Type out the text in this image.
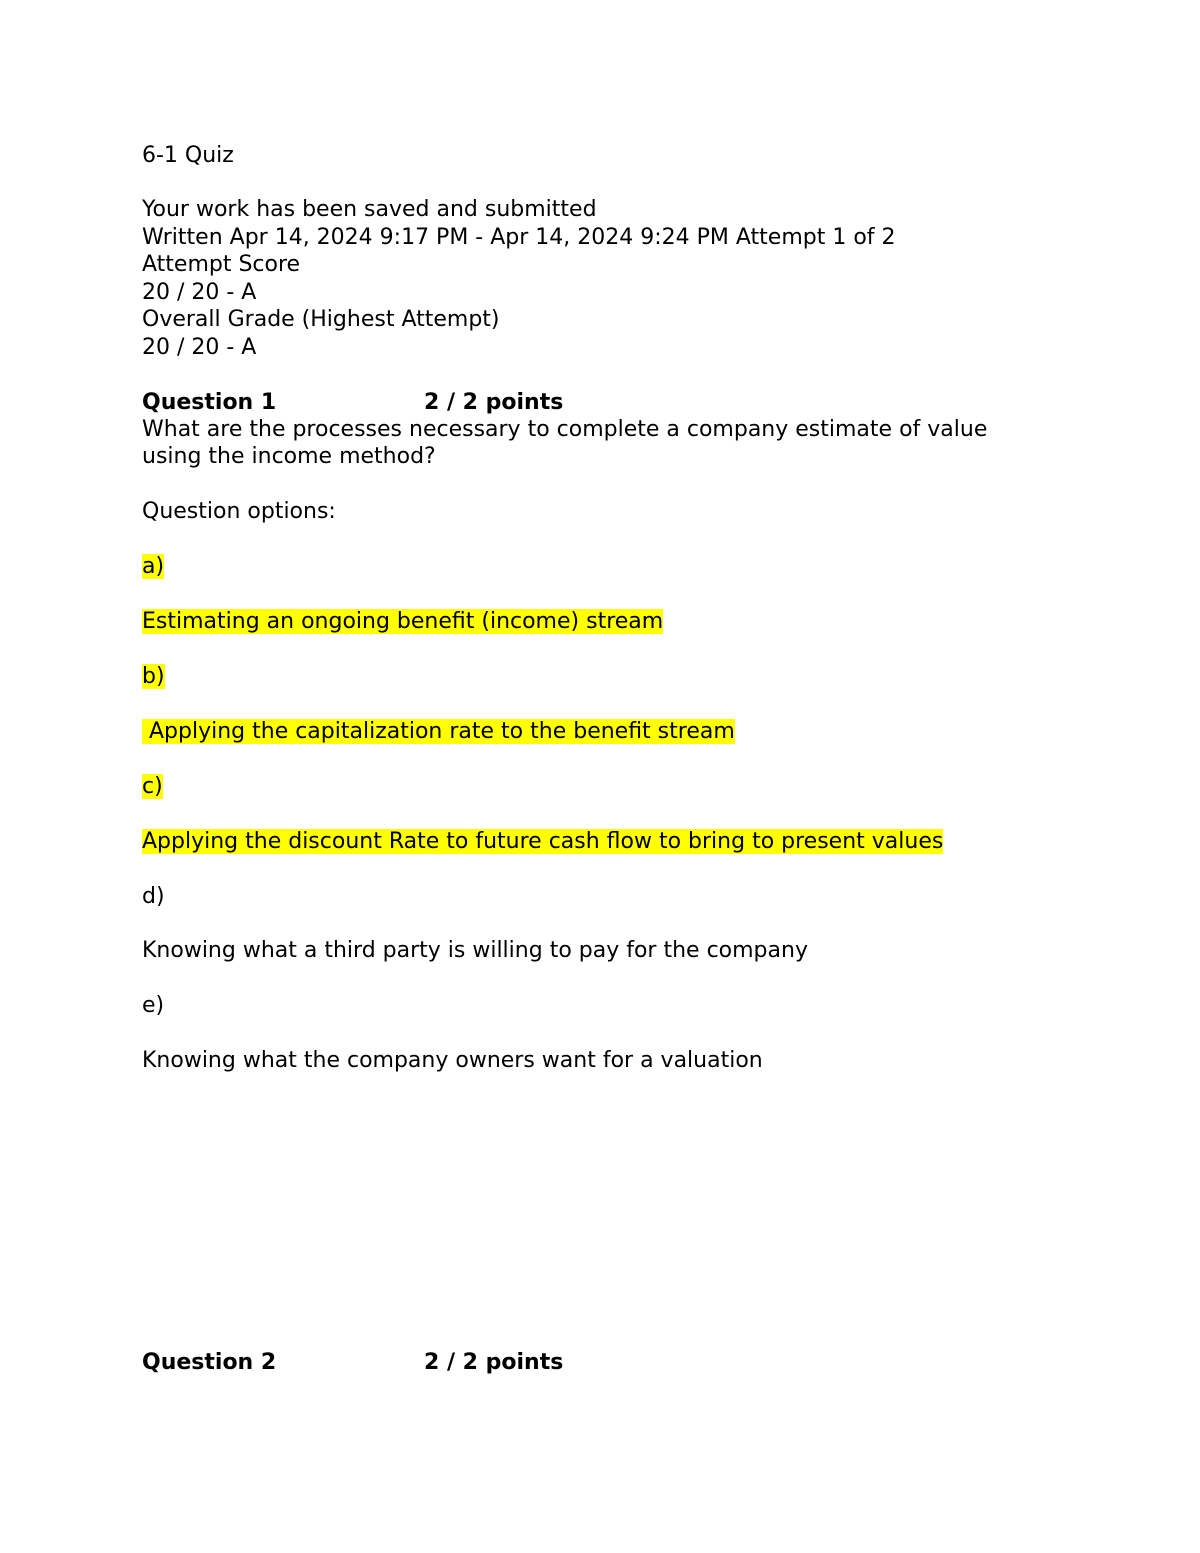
6-1 Quiz
Your work has been saved and submitted
Written Apr 14, 2024 9:17 PM - Apr 14, 2024 9:24 PM Attempt 1 of 2
Attempt Score
20 / 20 - A
Overall Grade (Highest Attempt)
20 / 20 - A
Question 1	2 / 2 points
What are the processes necessary to complete a company estimate of value
using the income method?
Question options:
a)
Estimating an ongoing benefit (income) stream
b)
Applying the capitalization rate to the benefit stream
c)
Applying the discount Rate to future cash flow to bring to present values
d)
Knowing what a third party is willing to pay for the company
e)
Knowing what the company owners want for a valuation
Question 2	2 / 2 points
